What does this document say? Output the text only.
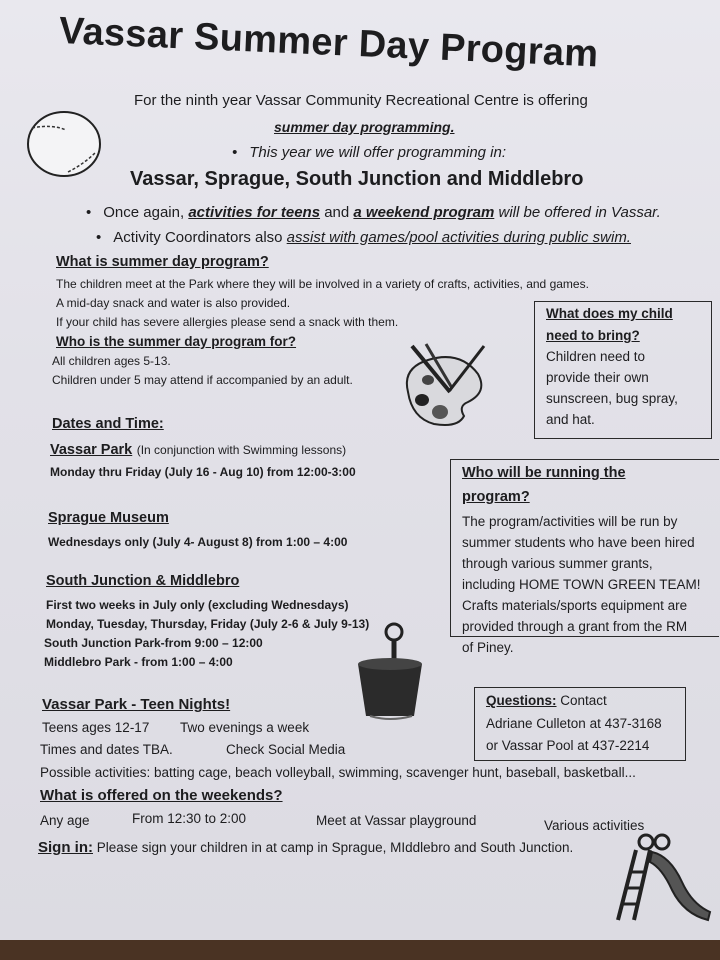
Vassar Summer Day Program
For the ninth year Vassar Community Recreational Centre is offering
summer day programming.
• This year we will offer programming in:
Vassar, Sprague, South Junction and Middlebro
• Once again, activities for teens and a weekend program will be offered in Vassar.
• Activity Coordinators also assist with games/pool activities during public swim.
What is summer day program?
The children meet at the Park where they will be involved in a variety of crafts, activities, and games.
A mid-day snack and water is also provided.
If your child has severe allergies please send a snack with them.
Who is the summer day program for?
All children ages 5-13.
Children under 5 may attend if accompanied by an adult.
What does my child
need to bring?
Children need to
provide their own
sunscreen, bug spray,
and hat.
Dates and Time:
Vassar Park (In conjunction with Swimming lessons)
Monday thru Friday (July 16 - Aug 10) from 12:00-3:00
Sprague Museum
Wednesdays only (July 4- August 8) from 1:00 – 4:00
South Junction & Middlebro
First two weeks in July only (excluding Wednesdays)
Monday, Tuesday, Thursday, Friday (July 2-6 & July 9-13)
South Junction Park-from 9:00 – 12:00
Middlebro Park - from 1:00 – 4:00
Who will be running the
program?
The program/activities will be run by
summer students who have been hired
through various summer grants,
including HOME TOWN GREEN TEAM!
Crafts materials/sports equipment are
provided through a grant from the RM
of Piney.
Vassar Park - Teen Nights!
Teens ages 12-17 Two evenings a week
Times and dates TBA.	Check Social Media
Possible activities: batting cage, beach volleyball, swimming, scavenger hunt, baseball, basketball...
Questions: Contact
Adriane Culleton at 437-3168
or Vassar Pool at 437-2214
What is offered on the weekends?
Any age	From 12:30 to 2:00	Meet at Vassar playground	Various activities
Sign in: Please sign your children in at camp in Sprague, MIddlebro and South Junction.
